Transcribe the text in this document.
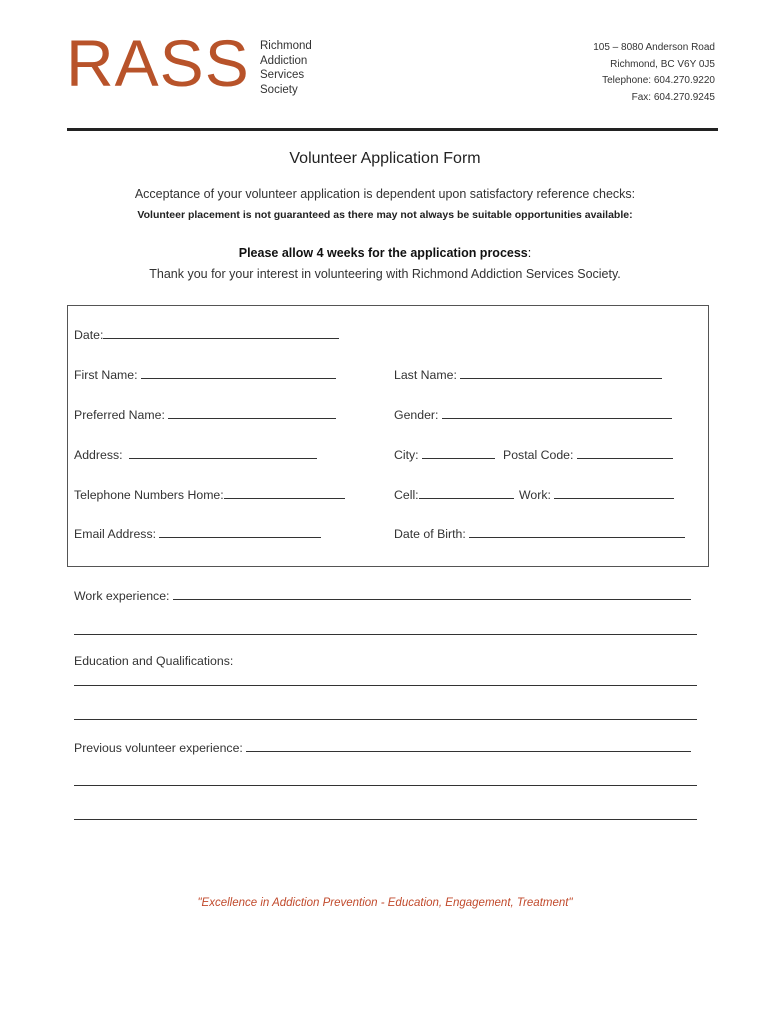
RASS Richmond
Addiction
Services
Society
105 – 8080 Anderson Road
Richmond, BC V6Y 0J5
Telephone: 604.270.9220
Fax: 604.270.9245
Volunteer Application Form
Acceptance of your volunteer application is dependent upon satisfactory reference checks:
Volunteer placement is not guaranteed as there may not always be suitable opportunities available:
Please allow 4 weeks for the application process:
Thank you for your interest in volunteering with Richmond Addiction Services Society.
Date:
First Name:	Last Name:
Preferred Name:	Gender:
Address:	City:	Postal Code:
Telephone Numbers Home:	Cell:	Work:
Email Address:	Date of Birth:
Work experience:
Education and Qualifications:
Previous volunteer experience:
"Excellence in Addiction Prevention - Education, Engagement, Treatment"
